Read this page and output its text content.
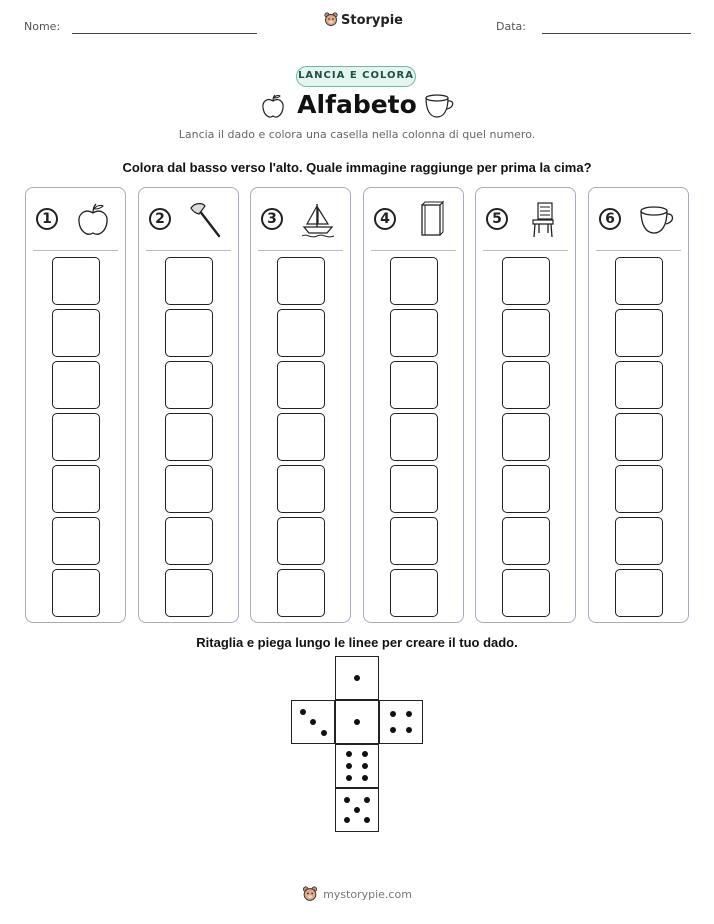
Nome:	Storypie	Data:
LANCIA E COLORA
Alfabeto
Lancia il dado e colora una casella nella colonna di quel numero.
Colora dal basso verso l'alto. Quale immagine raggiunge per prima la cima?
1	2	3	4	5	6
Ritaglia e piega lungo le linee per creare il tuo dado.
mystorypie.com
